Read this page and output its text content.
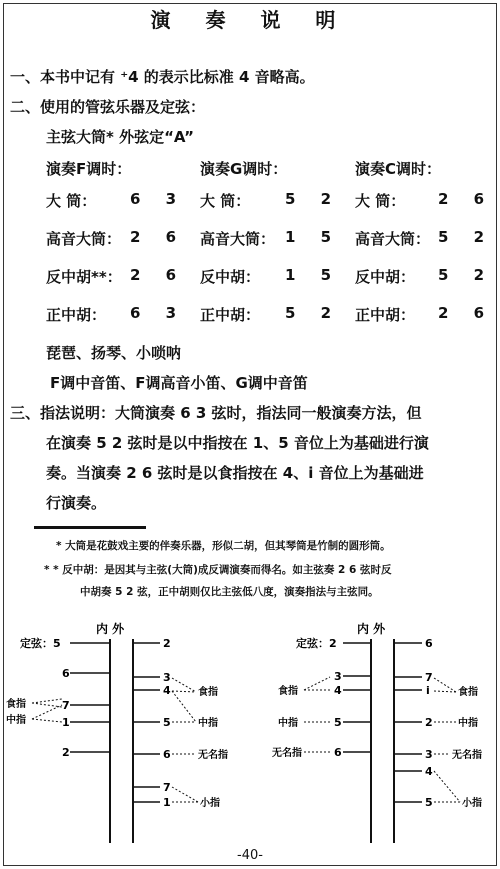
演 奏 说 明
一、本书中记有 ⁺4 的表示比标准 4 音略高。
二、使用的管弦乐器及定弦：
主弦大筒* 外弦定“A”
演奏F调时：	演奏G调时：	演奏C调时：
大 筒： 6 3 大 筒： 5 2 大 筒： 2 6
高音大筒： 2 6 高音大筒： 1 5 高音大筒： 5 2
反中胡**： 2 6 反中胡： 1 5 反中胡： 5 2
正中胡： 6 3 正中胡： 5 2 正中胡： 2 6
琵琶、扬琴、小唢呐
F调中音笛、F调高音小笛、G调中音笛
三、指法说明：大筒演奏 6 3 弦时，指法同一般演奏方法，但
在演奏 5 2 弦时是以中指按在 1、5 音位上为基础进行演
奏。当演奏 2 6 弦时是以食指按在 4、i 音位上为基础进
行演奏。
* 大筒是花鼓戏主要的伴奏乐器，形似二胡，但其琴筒是竹制的圆形筒。
* * 反中胡：是因其与主弦(大筒)成反调演奏而得名。如主弦奏 2 6 弦时反
中胡奏 5 2 弦，正中胡则仅比主弦低八度，演奏指法与主弦同。
内 外
定弦：5	2
6
7
1
2
食指
中指
3
4
5
6
7
1
食指
中指
无名指
小指
内 外
定弦：2	6
3
4
5
6
食指
中指
无名指
7
i
2
3
4
5
食指
中指
无名指
小指
-40-
